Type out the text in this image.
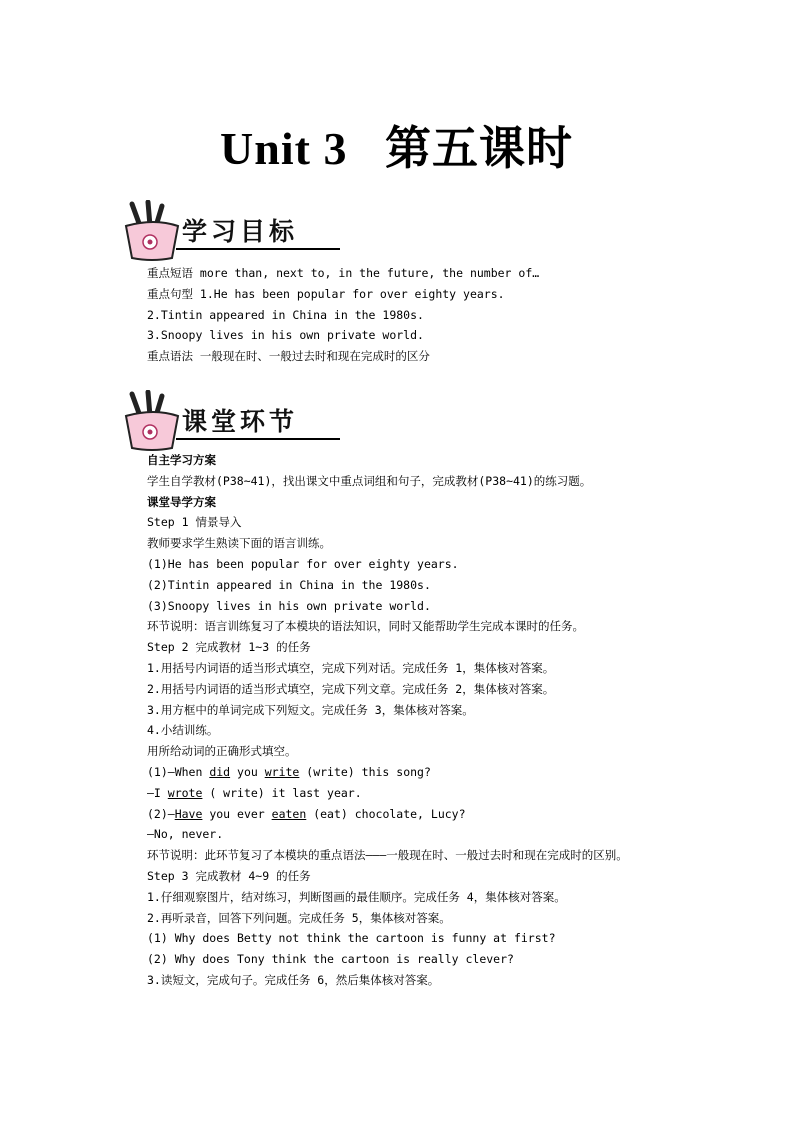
Unit 3   第五课时
学习目标
重点短语 more than, next to, in the future, the number of…
重点句型 1.He has been popular for over eighty years.
2.Tintin appeared in China in the 1980s.
3.Snoopy lives in his own private world.
重点语法 一般现在时、一般过去时和现在完成时的区分
课堂环节
自主学习方案
学生自学教材(P38~41)，找出课文中重点词组和句子，完成教材(P38~41)的练习题。
课堂导学方案
Step 1 情景导入
教师要求学生熟读下面的语言训练。
(1)He has been popular for over eighty years.
(2)Tintin appeared in China in the 1980s.
(3)Snoopy lives in his own private world.
环节说明：语言训练复习了本模块的语法知识，同时又能帮助学生完成本课时的任务。
Step 2 完成教材 1~3 的任务
1.用括号内词语的适当形式填空，完成下列对话。完成任务 1，集体核对答案。
2.用括号内词语的适当形式填空，完成下列文章。完成任务 2，集体核对答案。
3.用方框中的单词完成下列短文。完成任务 3，集体核对答案。
4.小结训练。
用所给动词的正确形式填空。
(1)—When did you write (write) this song?
—I wrote ( write) it last year.
(2)—Have you ever eaten (eat) chocolate, Lucy?
—No, never.
环节说明：此环节复习了本模块的重点语法———一般现在时、一般过去时和现在完成时的区别。
Step 3 完成教材 4~9 的任务
1.仔细观察图片，结对练习，判断图画的最佳顺序。完成任务 4，集体核对答案。
2.再听录音，回答下列问题。完成任务 5，集体核对答案。
(1) Why does Betty not think the cartoon is funny at first?
(2) Why does Tony think the cartoon is really clever?
3.读短文，完成句子。完成任务 6，然后集体核对答案。
